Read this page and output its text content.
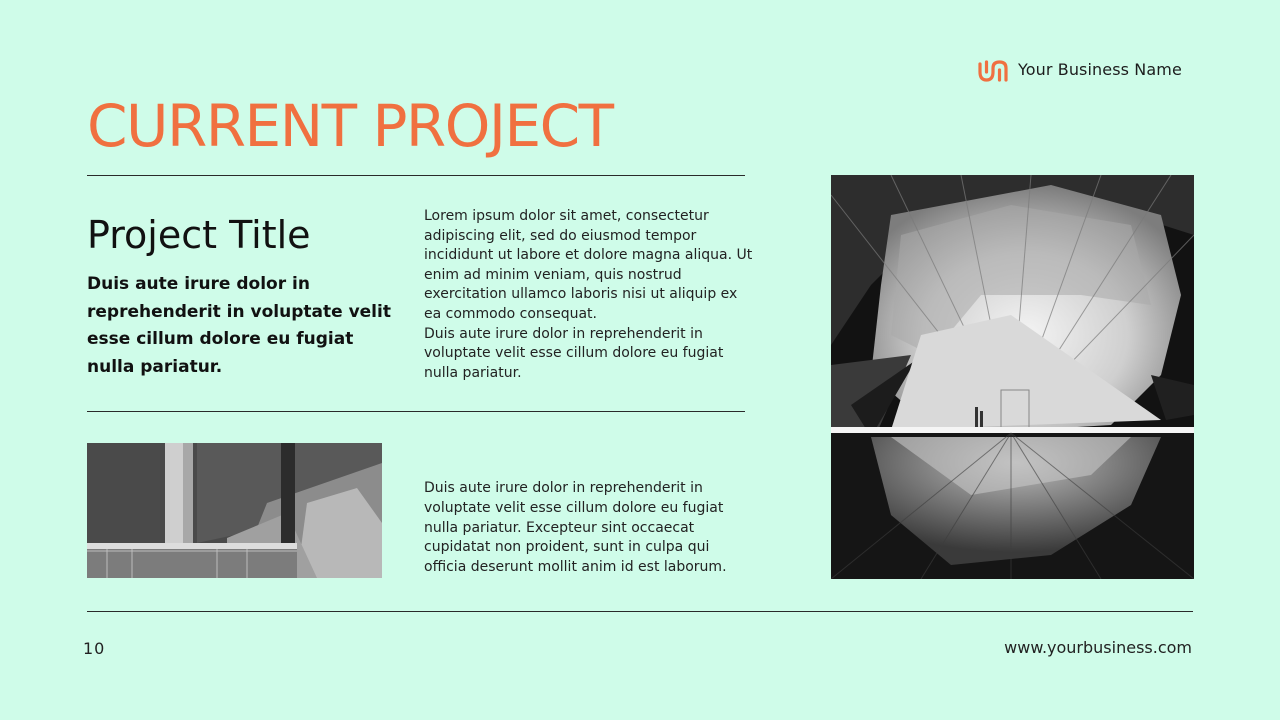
Your Business Name
CURRENT PROJECT
Project Title
Duis aute irure dolor in reprehenderit in voluptate velit esse cillum dolore eu fugiat nulla pariatur.
Lorem ipsum dolor sit amet, consectetur adipiscing elit, sed do eiusmod tempor incididunt ut labore et dolore magna aliqua. Ut enim ad minim veniam, quis nostrud exercitation ullamco laboris nisi ut aliquip ex ea commodo consequat.
Duis aute irure dolor in reprehenderit in voluptate velit esse cillum dolore eu fugiat nulla pariatur.
Duis aute irure dolor in reprehenderit in voluptate velit esse cillum dolore eu fugiat nulla pariatur. Excepteur sint occaecat cupidatat non proident, sunt in culpa qui officia deserunt mollit anim id est laborum.
10	www.yourbusiness.com
